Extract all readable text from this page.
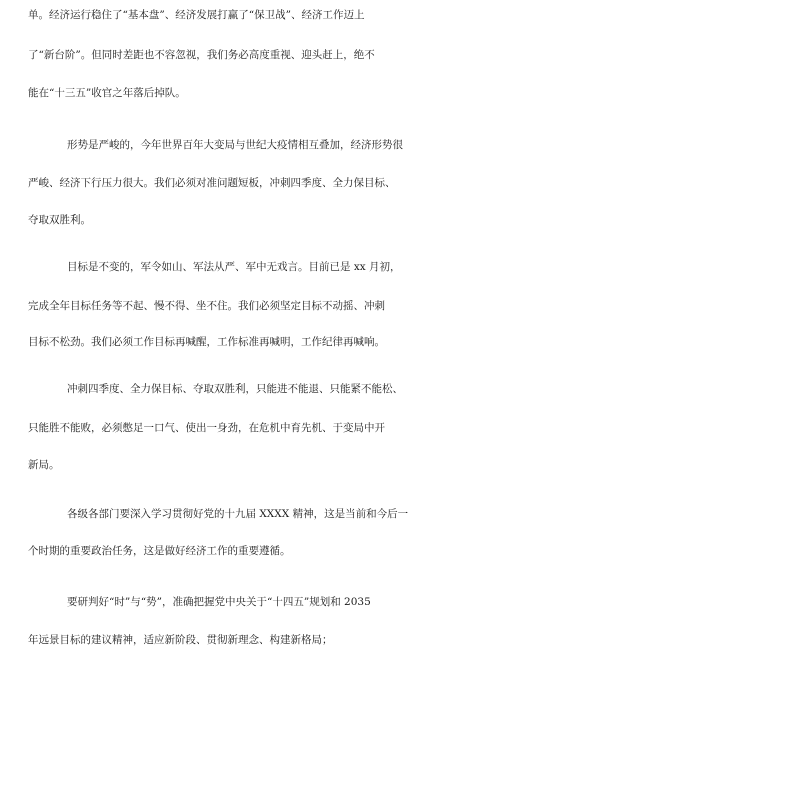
单。经济运行稳住了“基本盘”、经济发展打赢了“保卫战”、经济工作迈上

了“新台阶”。但同时差距也不容忽视，我们务必高度重视、迎头赶上，绝不

能在“十三五”收官之年落后掉队。

形势是严峻的，今年世界百年大变局与世纪大疫情相互叠加，经济形势很

严峻、经济下行压力很大。我们必须对准问题短板，冲刺四季度、全力保目标、

夺取双胜利。

目标是不变的，军令如山、军法从严、军中无戏言。目前已是 xx 月初，

完成全年目标任务等不起、慢不得、坐不住。我们必须坚定目标不动摇、冲刺

目标不松劲。我们必须工作目标再喊醒，工作标准再喊明，工作纪律再喊响。

冲刺四季度、全力保目标、夺取双胜利，只能进不能退、只能紧不能松、

只能胜不能败，必须憋足一口气、使出一身劲，在危机中育先机、于变局中开

新局。

各级各部门要深入学习贯彻好党的十九届 XXXX 精神，这是当前和今后一

个时期的重要政治任务，这是做好经济工作的重要遵循。

要研判好“时”与“势”，准确把握党中央关于“十四五”规划和 2035

年远景目标的建议精神，适应新阶段、贯彻新理念、构建新格局；
